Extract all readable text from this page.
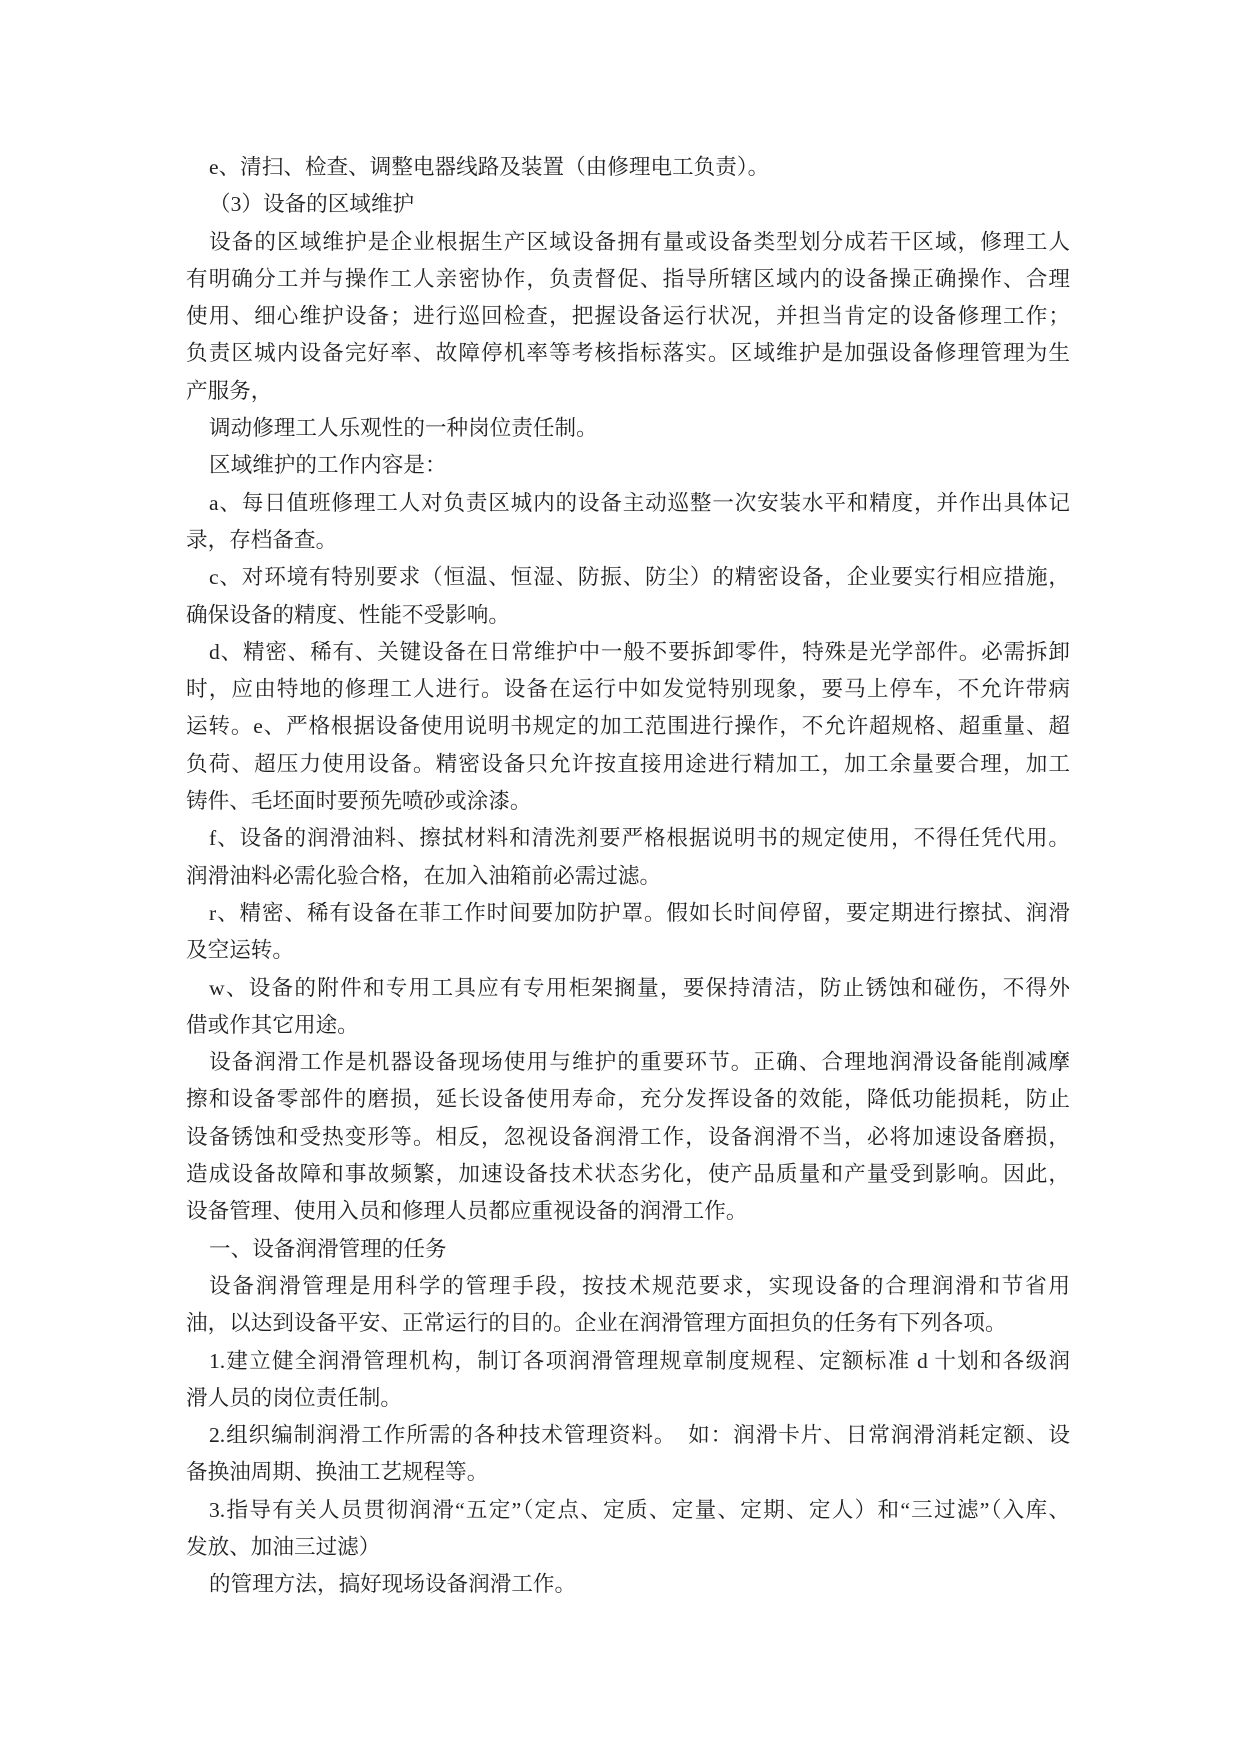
e、清扫、检查、调整电器线路及装置（由修理电工负责）。
（3）设备的区域维护
设备的区域维护是企业根据生产区域设备拥有量或设备类型划分成若干区域，修理工人
有明确分工并与操作工人亲密协作，负责督促、指导所辖区域内的设备操正确操作、合理
使用、细心维护设备；进行巡回检查，把握设备运行状况，并担当肯定的设备修理工作；
负责区城内设备完好率、故障停机率等考核指标落实。区域维护是加强设备修理管理为生
产服务，
调动修理工人乐观性的一种岗位责任制。
区域维护的工作内容是：
a、每日值班修理工人对负责区城内的设备主动巡整一次安装水平和精度，并作出具体记
录，存档备查。
c、对环境有特别要求（恒温、恒湿、防振、防尘）的精密设备，企业要实行相应措施，
确保设备的精度、性能不受影响。
d、精密、稀有、关键设备在日常维护中一般不要拆卸零件，特殊是光学部件。必需拆卸
时，应由特地的修理工人进行。设备在运行中如发觉特别现象，要马上停车，不允许带病
运转。e、严格根据设备使用说明书规定的加工范围进行操作，不允许超规格、超重量、超
负荷、超压力使用设备。精密设备只允许按直接用途进行精加工，加工余量要合理，加工
铸件、毛坯面时要预先喷砂或涂漆。
f、设备的润滑油料、擦拭材料和清洗剂要严格根据说明书的规定使用，不得任凭代用。
润滑油料必需化验合格，在加入油箱前必需过滤。
r、精密、稀有设备在菲工作时间要加防护罩。假如长时间停留，要定期进行擦拭、润滑
及空运转。
w、设备的附件和专用工具应有专用柜架搁量，要保持清洁，防止锈蚀和碰伤，不得外
借或作其它用途。
设备润滑工作是机器设备现场使用与维护的重要环节。正确、合理地润滑设备能削减摩
擦和设备零部件的磨损，延长设备使用寿命，充分发挥设备的效能，降低功能损耗，防止
设备锈蚀和受热变形等。相反，忽视设备润滑工作，设备润滑不当，必将加速设备磨损，
造成设备故障和事故频繁，加速设备技术状态劣化，使产品质量和产量受到影响。因此，
设备管理、使用入员和修理人员都应重视设备的润滑工作。
一、设备润滑管理的任务
设备润滑管理是用科学的管理手段，按技术规范要求，实现设备的合理润滑和节省用
油，以达到设备平安、正常运行的目的。企业在润滑管理方面担负的任务有下列各项。
1.建立健全润滑管理机构，制订各项润滑管理规章制度规程、定额标准 d 十划和各级润
滑人员的岗位责任制。
2.组织编制润滑工作所需的各种技术管理资料。　如：润滑卡片、日常润滑消耗定额、设
备换油周期、换油工艺规程等。
3.指导有关人员贯彻润滑“五定”（定点、定质、定量、定期、定人）和“三过滤”（入库、
发放、加油三过滤）
的管理方法，搞好现场设备润滑工作。
